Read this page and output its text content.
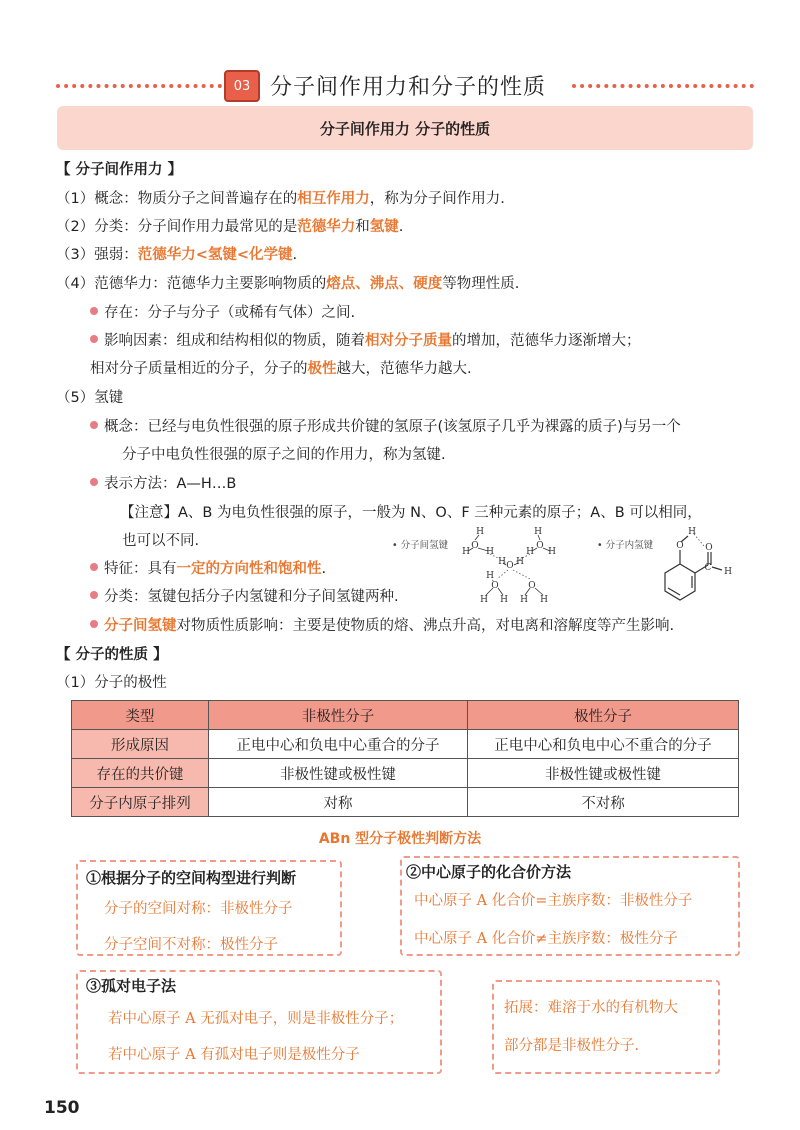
03 分子间作用力和分子的性质
分子间作用力 分子的性质
【 分子间作用力 】
（1）概念：物质分子之间普遍存在的相互作用力，称为分子间作用力.
（2）分类：分子间作用力最常见的是范德华力和氢键.
（3）强弱：范德华力<氢键<化学键.
（4）范德华力：范德华力主要影响物质的熔点、沸点、硬度等物理性质.
存在：分子与分子（或稀有气体）之间.
影响因素：组成和结构相似的物质，随着相对分子质量的增加，范德华力逐渐增大；
相对分子质量相近的分子，分子的极性越大，范德华力越大.
（5）氢键
概念：已经与电负性很强的原子形成共价键的氢原子(该氢原子几乎为裸露的质子)与另一个
分子中电负性很强的原子之间的作用力，称为氢键.
表示方法：A—H…B
【注意】A、B 为电负性很强的原子，一般为 N、O、F 三种元素的原子；A、B 可以相同，
也可以不同.
特征：具有一定的方向性和饱和性.
分类：氢键包括分子内氢键和分子间氢键两种.
分子间氢键对物质性质影响：主要是使物质的熔、沸点升高，对电离和溶解度等产生影响.
• 分子间氢键	• 分子内氢键
H
O
H H
H
O
H H
O
H H
O
H
H H
O
H H
O
H
O
C H
【 分子的性质 】
（1）分子的极性
类型	非极性分子	极性分子
形成原因	正电中心和负电中心重合的分子	正电中心和负电中心不重合的分子
存在的共价键	非极性键或极性键	非极性键或极性键
分子内原子排列	对称	不对称
ABn 型分子极性判断方法
①根据分子的空间构型进行判断
分子的空间对称：非极性分子
分子空间不对称：极性分子
②中心原子的化合价方法
中心原子 A 化合价=主族序数：非极性分子
中心原子 A 化合价≠主族序数：极性分子
③孤对电子法
若中心原子 A 无孤对电子，则是非极性分子；
若中心原子 A 有孤对电子则是极性分子
拓展：难溶于水的有机物大
部分都是非极性分子.
150
